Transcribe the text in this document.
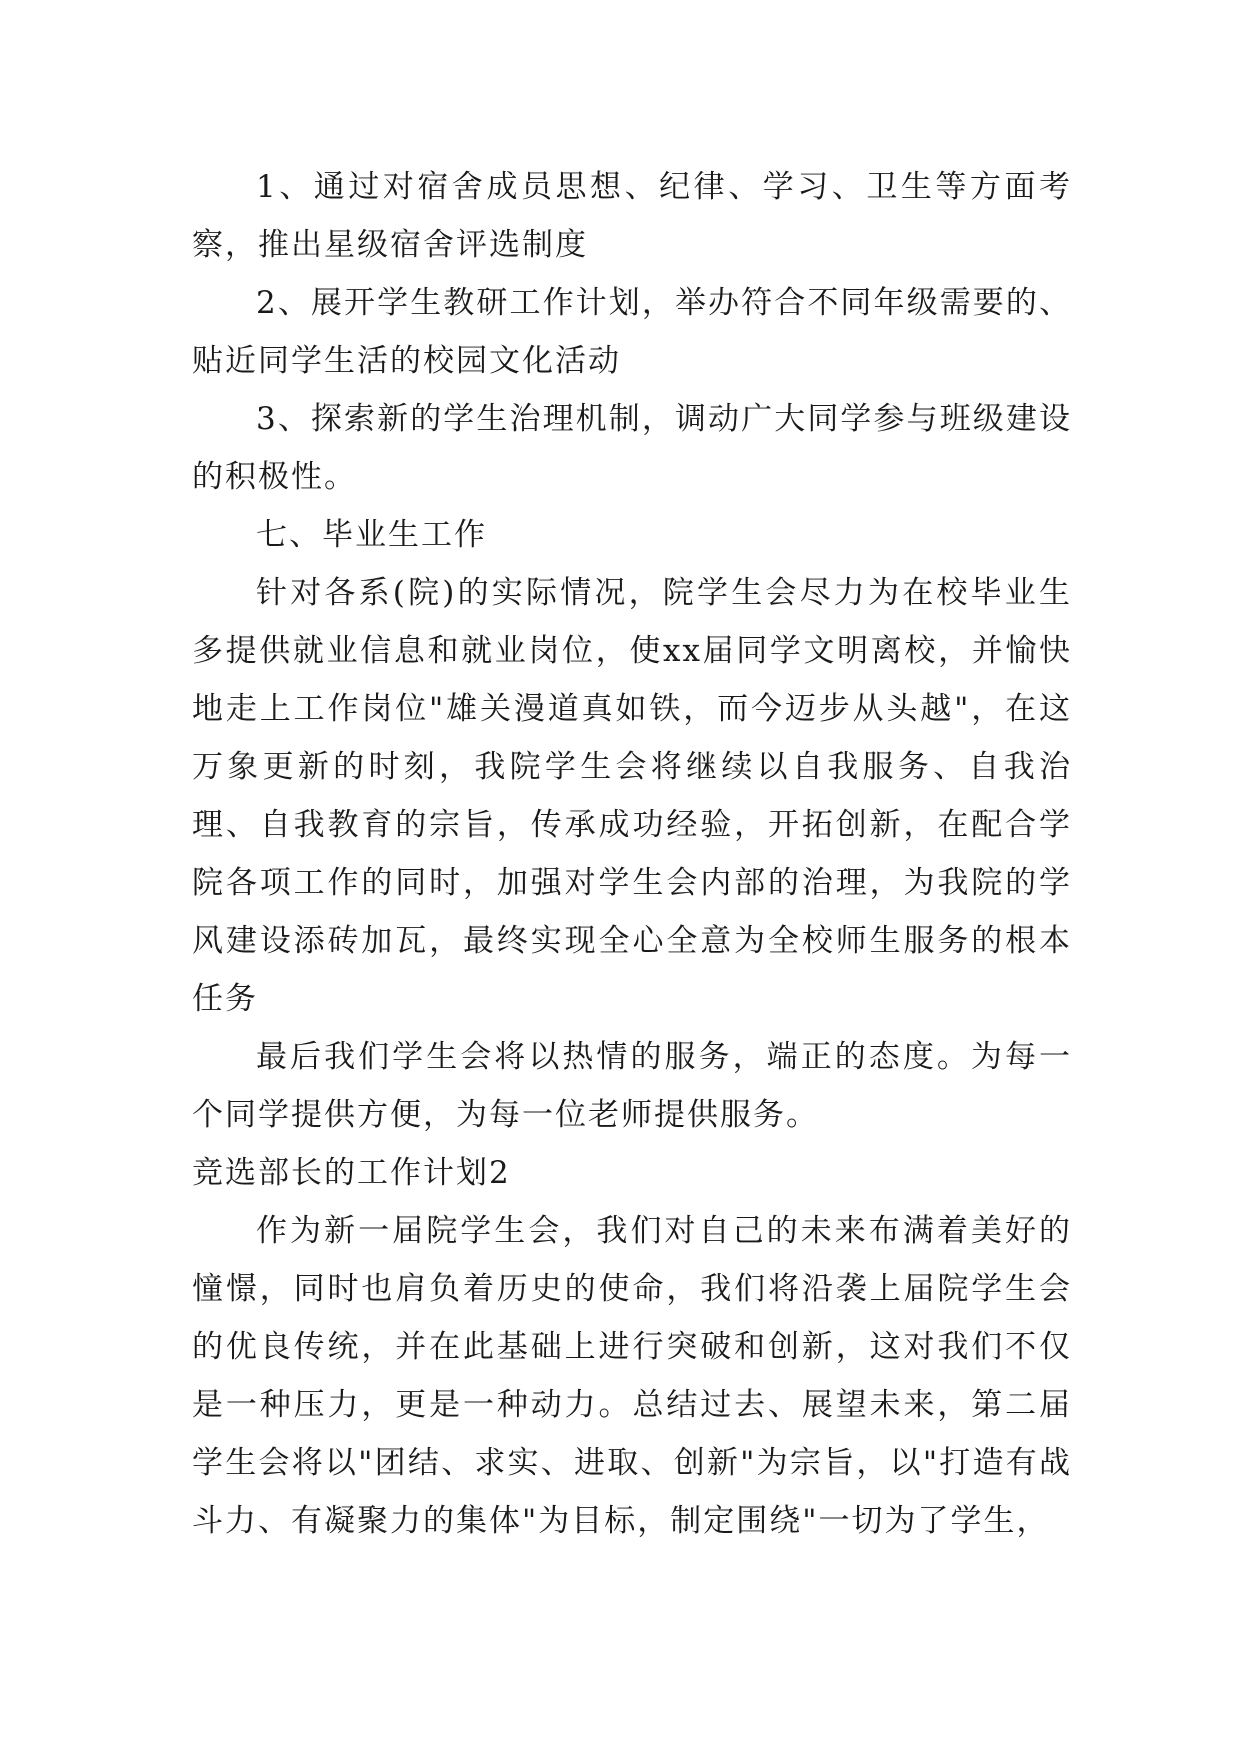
1、通过对宿舍成员思想、纪律、学习、卫生等方面考察，推出星级宿舍评选制度

2、展开学生教研工作计划，举办符合不同年级需要的、贴近同学生活的校园文化活动

3、探索新的学生治理机制，调动广大同学参与班级建设的积极性。

七、毕业生工作

针对各系(院)的实际情况，院学生会尽力为在校毕业生多提供就业信息和就业岗位，使xx届同学文明离校，并愉快地走上工作岗位"雄关漫道真如铁，而今迈步从头越"，在这万象更新的时刻，我院学生会将继续以自我服务、自我治理、自我教育的宗旨，传承成功经验，开拓创新，在配合学院各项工作的同时，加强对学生会内部的治理，为我院的学风建设添砖加瓦，最终实现全心全意为全校师生服务的根本任务

最后我们学生会将以热情的服务，端正的态度。为每一个同学提供方便，为每一位老师提供服务。

竞选部长的工作计划2

作为新一届院学生会，我们对自己的未来布满着美好的憧憬，同时也肩负着历史的使命，我们将沿袭上届院学生会的优良传统，并在此基础上进行突破和创新，这对我们不仅是一种压力，更是一种动力。总结过去、展望未来，第二届学生会将以"团结、求实、进取、创新"为宗旨，以"打造有战斗力、有凝聚力的集体"为目标，制定围绕"一切为了学生，
